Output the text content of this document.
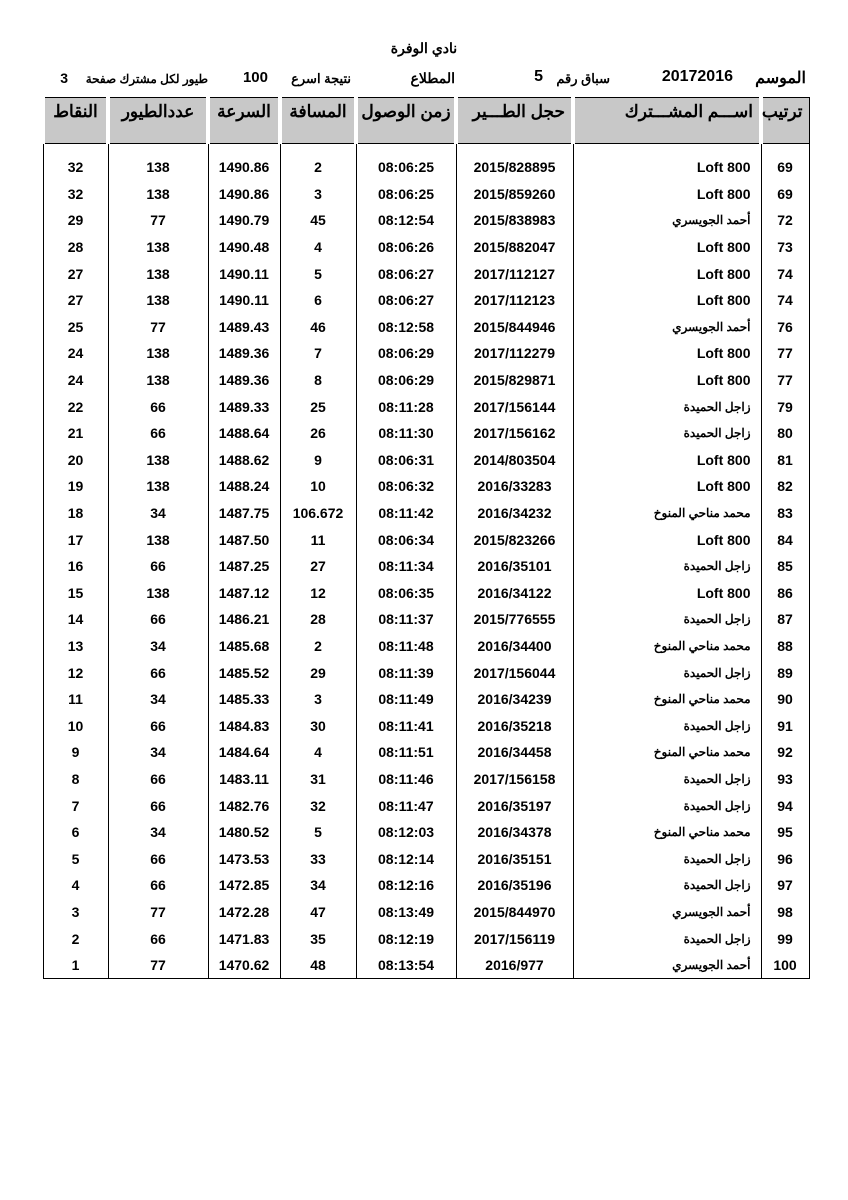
نادي الوفرة
الموسم
20172016
سباق رقم
5
المطلاع
نتيجة اسرع
100
طيور لكل مشترك صفحة
3
ترتيب	اســـم المشـــترك	حجل الطـــير	زمن الوصول	المسافة	السرعة	عددالطيور	النقاط

69	Loft 800	2015/828895	08:06:25	2	1490.86	138	32
69	Loft 800	2015/859260	08:06:25	3	1490.86	138	32
72	أحمد الجويسري	2015/838983	08:12:54	45	1490.79	77	29
73	Loft 800	2015/882047	08:06:26	4	1490.48	138	28
74	Loft 800	2017/112127	08:06:27	5	1490.11	138	27
74	Loft 800	2017/112123	08:06:27	6	1490.11	138	27
76	أحمد الجويسري	2015/844946	08:12:58	46	1489.43	77	25
77	Loft 800	2017/112279	08:06:29	7	1489.36	138	24
77	Loft 800	2015/829871	08:06:29	8	1489.36	138	24
79	زاجل الحميدة	2017/156144	08:11:28	25	1489.33	66	22
80	زاجل الحميدة	2017/156162	08:11:30	26	1488.64	66	21
81	Loft 800	2014/803504	08:06:31	9	1488.62	138	20
82	Loft 800	2016/33283	08:06:32	10	1488.24	138	19
83	محمد مناحي المنوخ	2016/34232	08:11:42	106.672	1487.75	34	18
84	Loft 800	2015/823266	08:06:34	11	1487.50	138	17
85	زاجل الحميدة	2016/35101	08:11:34	27	1487.25	66	16
86	Loft 800	2016/34122	08:06:35	12	1487.12	138	15
87	زاجل الحميدة	2015/776555	08:11:37	28	1486.21	66	14
88	محمد مناحي المنوخ	2016/34400	08:11:48	2	1485.68	34	13
89	زاجل الحميدة	2017/156044	08:11:39	29	1485.52	66	12
90	محمد مناحي المنوخ	2016/34239	08:11:49	3	1485.33	34	11
91	زاجل الحميدة	2016/35218	08:11:41	30	1484.83	66	10
92	محمد مناحي المنوخ	2016/34458	08:11:51	4	1484.64	34	9
93	زاجل الحميدة	2017/156158	08:11:46	31	1483.11	66	8
94	زاجل الحميدة	2016/35197	08:11:47	32	1482.76	66	7
95	محمد مناحي المنوخ	2016/34378	08:12:03	5	1480.52	34	6
96	زاجل الحميدة	2016/35151	08:12:14	33	1473.53	66	5
97	زاجل الحميدة	2016/35196	08:12:16	34	1472.85	66	4
98	أحمد الجويسري	2015/844970	08:13:49	47	1472.28	77	3
99	زاجل الحميدة	2017/156119	08:12:19	35	1471.83	66	2
100	أحمد الجويسري	2016/977	08:13:54	48	1470.62	77	1
